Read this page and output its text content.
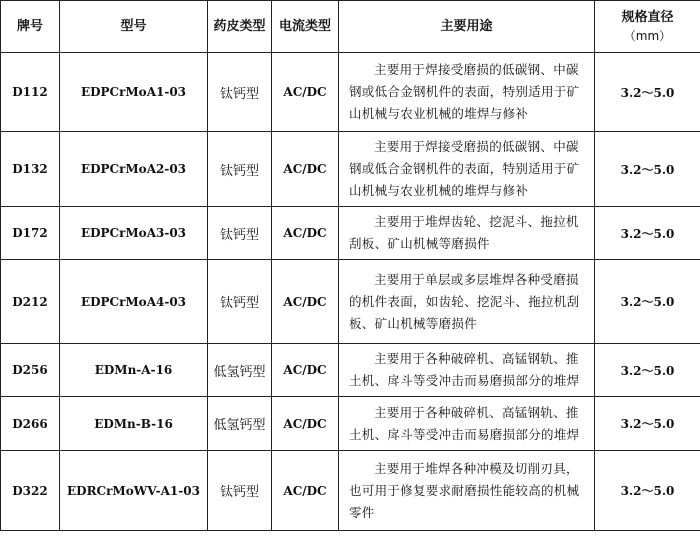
牌号	型号	药皮类型	电流类型	主要用途	规格直径
（mm）

D112	EDPCrMoA1-03	钛钙型	AC/DC	主要用于焊接受磨损的低碳钢、中碳钢或低合金钢机件的表面，特别适用于矿山机械与农业机械的堆焊与修补	3.2～5.0
D132	EDPCrMoA2-03	钛钙型	AC/DC	主要用于焊接受磨损的低碳钢、中碳钢或低合金钢机件的表面，特别适用于矿山机械与农业机械的堆焊与修补	3.2～5.0
D172	EDPCrMoA3-03	钛钙型	AC/DC	主要用于堆焊齿轮、挖泥斗、拖拉机刮板、矿山机械等磨损件	3.2～5.0
D212	EDPCrMoA4-03	钛钙型	AC/DC	主要用于单层或多层堆焊各种受磨损的机件表面，如齿轮、挖泥斗、拖拉机刮板、矿山机械等磨损件	3.2～5.0
D256	EDMn-A-16	低氢钙型	AC/DC	主要用于各种破碎机、高锰钢轨、推土机、戽斗等受冲击而易磨损部分的堆焊	3.2～5.0
D266	EDMn-B-16	低氢钙型	AC/DC	主要用于各种破碎机、高锰钢轨、推土机、戽斗等受冲击而易磨损部分的堆焊	3.2～5.0
D322	EDRCrMoWV-A1-03	钛钙型	AC/DC	主要用于堆焊各种冲模及切削刃具，也可用于修复要求耐磨损性能较高的机械零件	3.2～5.0
